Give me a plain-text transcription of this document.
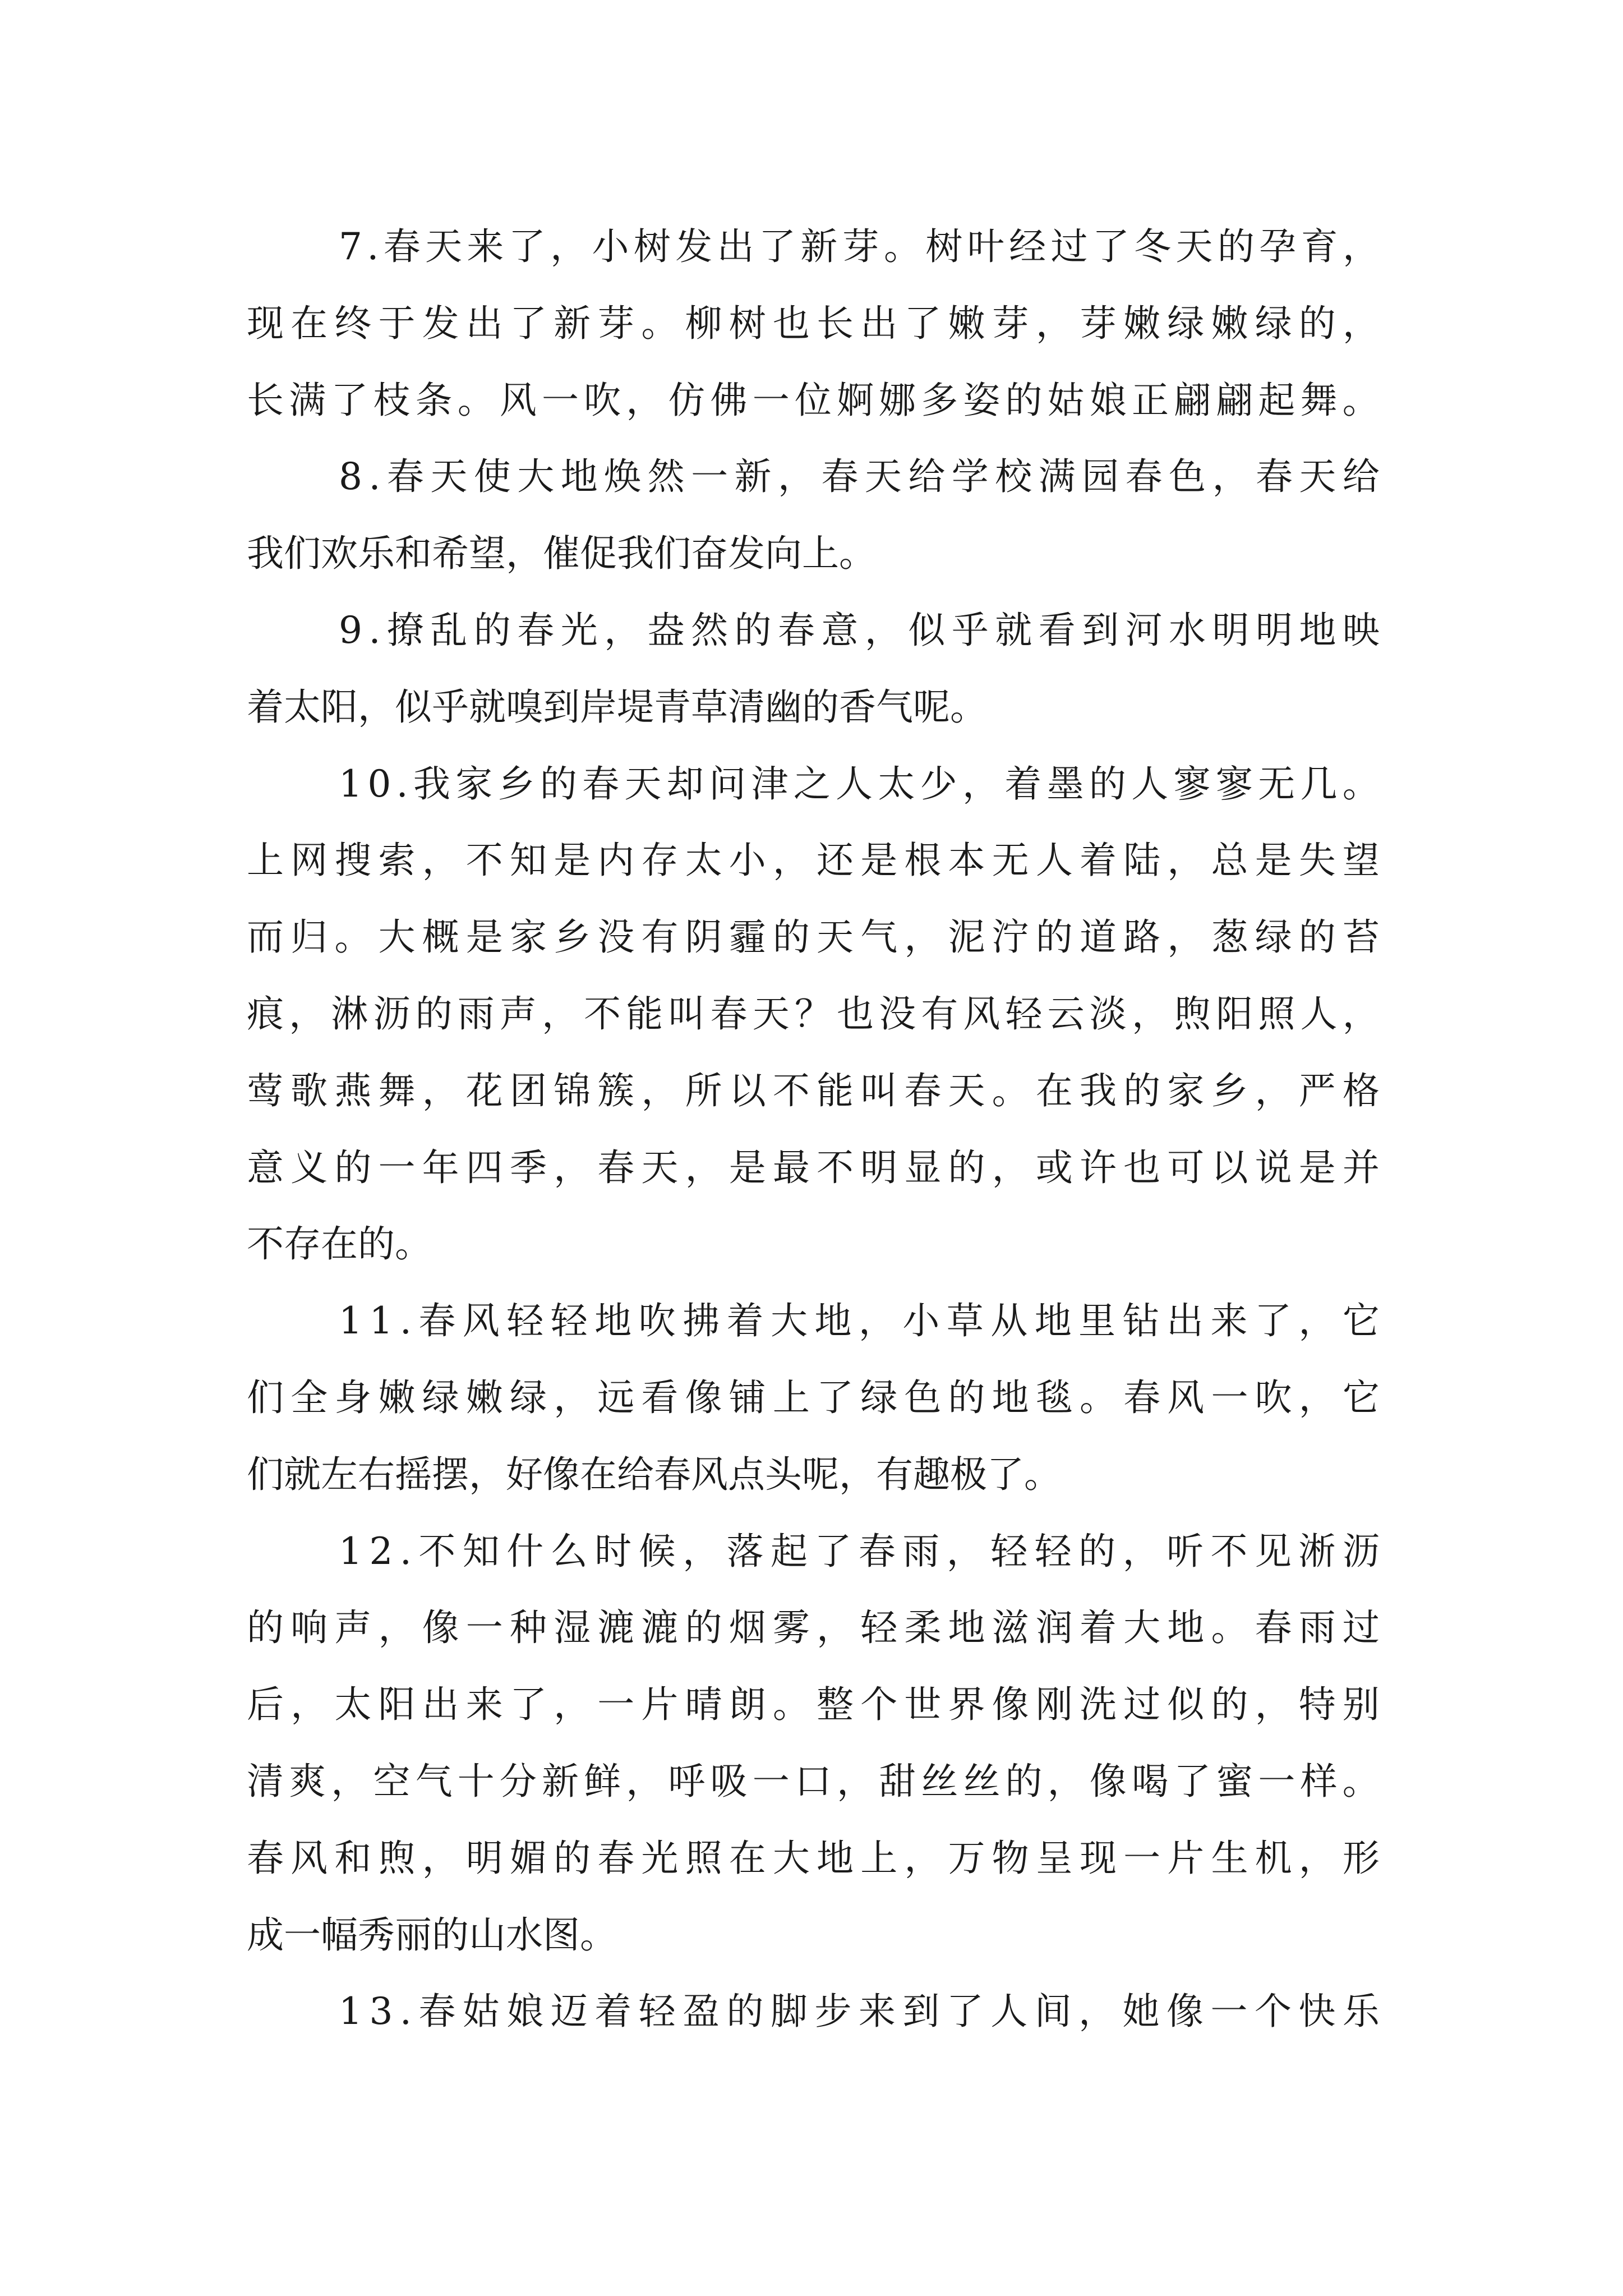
7 . 春 天 来 了 ， 小 树 发 出 了 新 芽 。 树 叶 经 过 了 冬 天 的 孕 育 ，
现 在 终 于 发 出 了 新 芽 。 柳 树 也 长 出 了 嫩 芽 ， 芽 嫩 绿 嫩 绿 的 ，
长 满 了 枝 条 。 风 一 吹 ， 仿 佛 一 位 婀 娜 多 姿 的 姑 娘 正 翩 翩 起 舞 。

8 . 春 天 使 大 地 焕 然 一 新 ， 春 天 给 学 校 满 园 春 色 ， 春 天 给
我们欢乐和希望，催促我们奋发向上。

9 . 撩 乱 的 春 光 ， 盎 然 的 春 意 ， 似 乎 就 看 到 河 水 明 明 地 映
着太阳，似乎就嗅到岸堤青草清幽的香气呢。

1 0 . 我 家 乡 的 春 天 却 问 津 之 人 太 少 ， 着 墨 的 人 寥 寥 无 几 。
上 网 搜 索 ， 不 知 是 内 存 太 小 ， 还 是 根 本 无 人 着 陆 ， 总 是 失 望
而 归 。 大 概 是 家 乡 没 有 阴 霾 的 天 气 ， 泥 泞 的 道 路 ， 葱 绿 的 苔
痕 ， 淋 沥 的 雨 声 ， 不 能 叫 春 天 ？ 也 没 有 风 轻 云 淡 ， 煦 阳 照 人 ，
莺 歌 燕 舞 ， 花 团 锦 簇 ， 所 以 不 能 叫 春 天 。 在 我 的 家 乡 ， 严 格
意 义 的 一 年 四 季 ， 春 天 ， 是 最 不 明 显 的 ， 或 许 也 可 以 说 是 并
不存在的。

1 1 . 春 风 轻 轻 地 吹 拂 着 大 地 ， 小 草 从 地 里 钻 出 来 了 ， 它
们 全 身 嫩 绿 嫩 绿 ， 远 看 像 铺 上 了 绿 色 的 地 毯 。 春 风 一 吹 ， 它
们就左右摇摆，好像在给春风点头呢，有趣极了。

1 2 . 不 知 什 么 时 候 ， 落 起 了 春 雨 ， 轻 轻 的 ， 听 不 见 淅 沥
的 响 声 ， 像 一 种 湿 漉 漉 的 烟 雾 ， 轻 柔 地 滋 润 着 大 地 。 春 雨 过
后 ， 太 阳 出 来 了 ， 一 片 晴 朗 。 整 个 世 界 像 刚 洗 过 似 的 ， 特 别
清 爽 ， 空 气 十 分 新 鲜 ， 呼 吸 一 口 ， 甜 丝 丝 的 ， 像 喝 了 蜜 一 样 。
春 风 和 煦 ， 明 媚 的 春 光 照 在 大 地 上 ， 万 物 呈 现 一 片 生 机 ， 形
成一幅秀丽的山水图。

1 3 . 春 姑 娘 迈 着 轻 盈 的 脚 步 来 到 了 人 间 ， 她 像 一 个 快 乐
